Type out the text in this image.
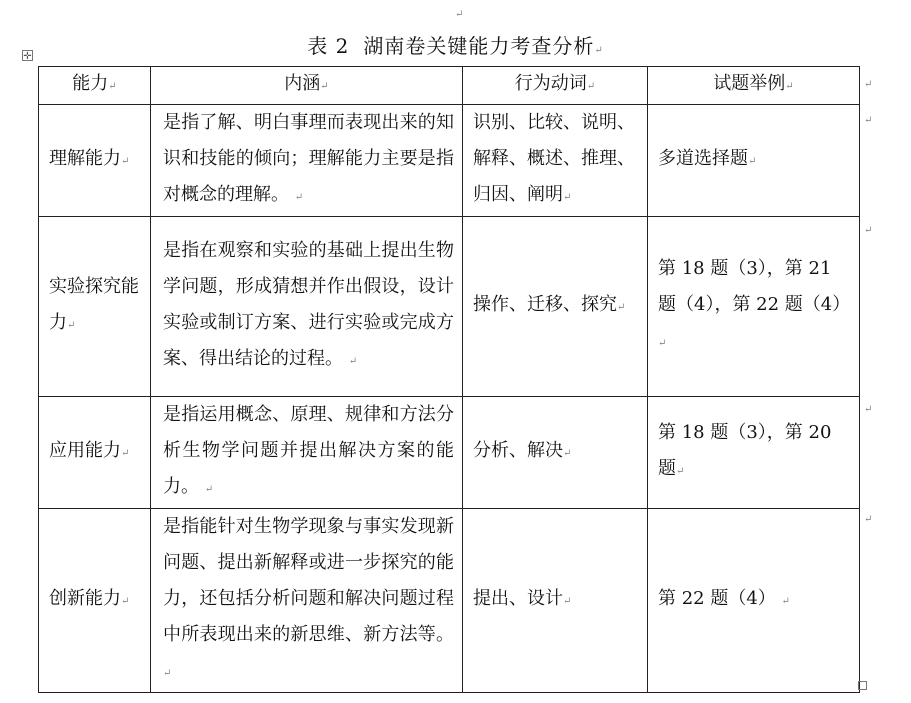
↵
✛	表 2 湖南卷关键能力考查分析↵
能力↵	内涵↵	行为动词↵	试题举例↵
理解能力↵	是指了解、明白事理而表现出来的知识和技能的倾向；理解能力主要是指对概念的理解。 ↵	识别、比较、说明、解释、概述、推理、归因、阐明↵	多道选择题↵
实验探究能力↵	是指在观察和实验的基础上提出生物学问题，形成猜想并作出假设，设计实验或制订方案、进行实验或完成方案、得出结论的过程。 ↵	操作、迁移、探究↵	第 18 题（3），第 21 题（4），第 22 题（4）↵
应用能力↵	是指运用概念、原理、规律和方法分析生物学问题并提出解决方案的能力。 ↵	分析、解决↵	第 18 题（3），第 20 题↵
创新能力↵	是指能针对生物学现象与事实发现新问题、提出新解释或进一步探究的能力，还包括分析问题和解决问题过程中所表现出来的新思维、新方法等。↵	提出、设计↵	第 22 题（4） ↵
↵
↵
↵
↵
↵
